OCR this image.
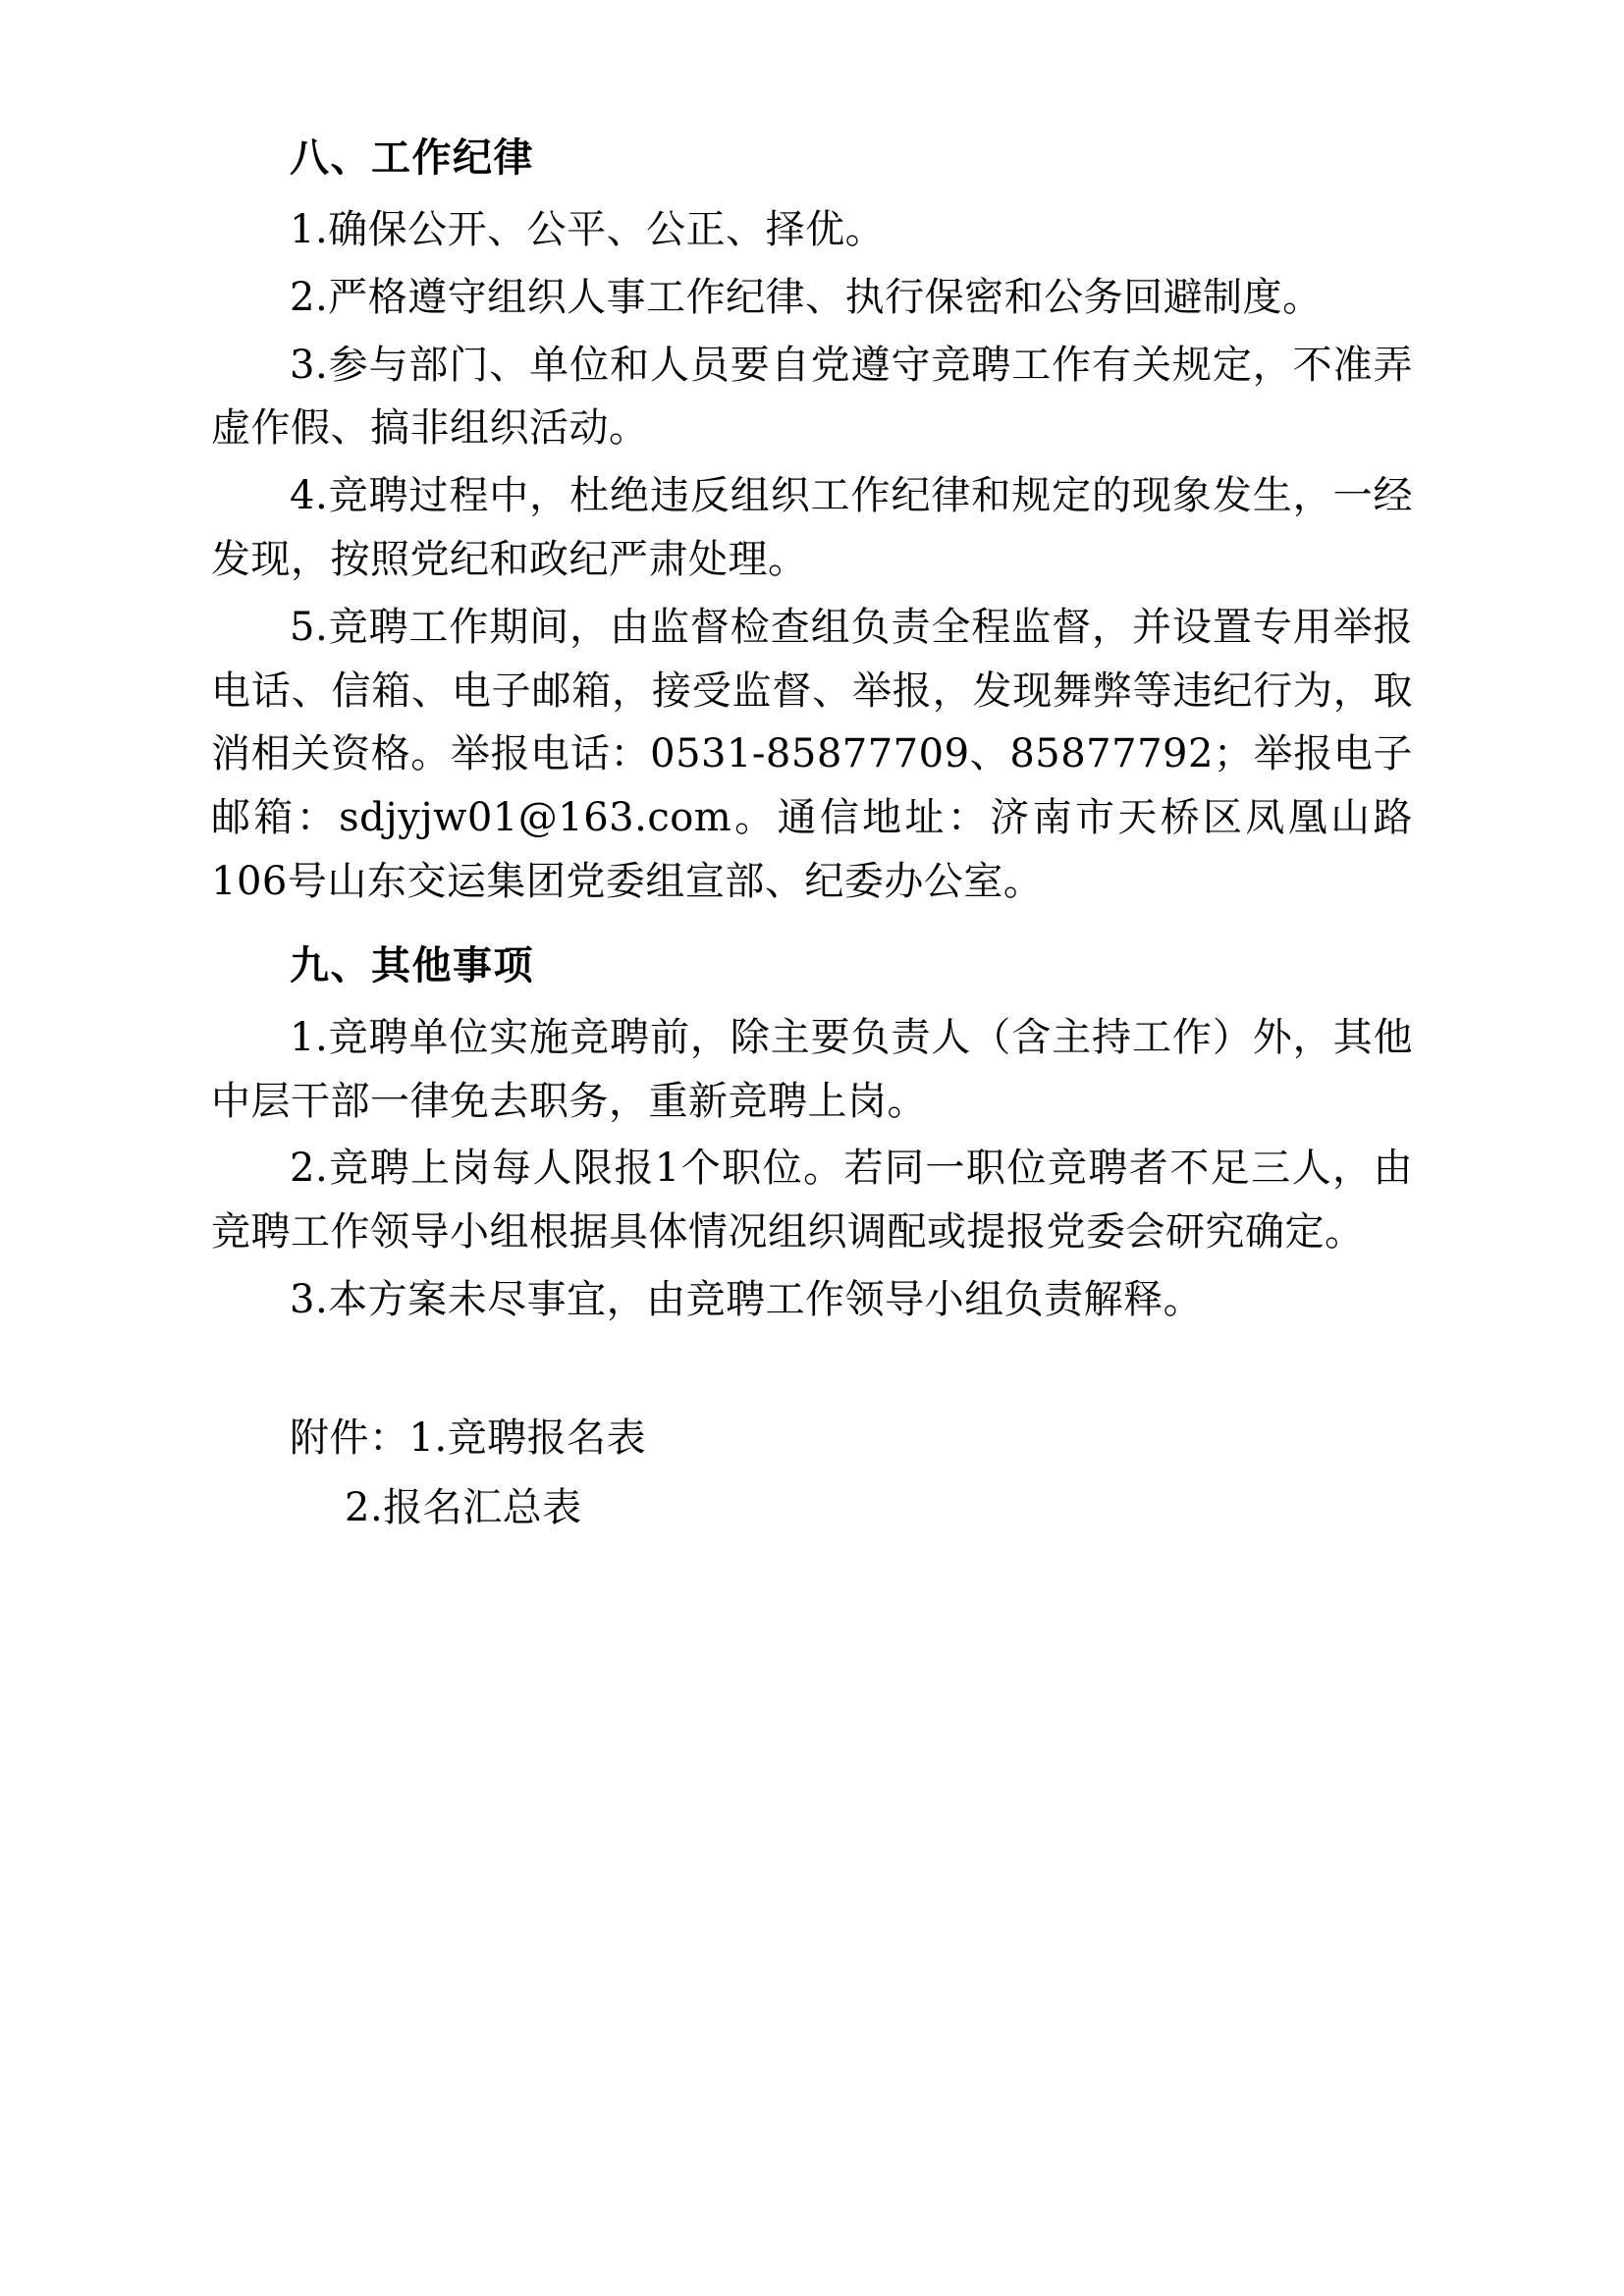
八、工作纪律

1.确保公开、公平、公正、择优。

2.严格遵守组织人事工作纪律、执行保密和公务回避制度。

3.参与部门、单位和人员要自党遵守竞聘工作有关规定，不准弄虚作假、搞非组织活动。

4.竞聘过程中，杜绝违反组织工作纪律和规定的现象发生，一经发现，按照党纪和政纪严肃处理。

5.竞聘工作期间，由监督检查组负责全程监督，并设置专用举报电话、信箱、电子邮箱，接受监督、举报，发现舞弊等违纪行为，取消相关资格。举报电话：0531-85877709、85877792；举报电子邮箱：sdjyjw01@163.com。通信地址：济南市天桥区凤凰山路106号山东交运集团党委组宣部、纪委办公室。

九、其他事项

1.竞聘单位实施竞聘前，除主要负责人（含主持工作）外，其他中层干部一律免去职务，重新竞聘上岗。

2.竞聘上岗每人限报1个职位。若同一职位竞聘者不足三人，由竞聘工作领导小组根据具体情况组织调配或提报党委会研究确定。

3.本方案未尽事宜，由竞聘工作领导小组负责解释。

附件：1.竞聘报名表

2.报名汇总表
